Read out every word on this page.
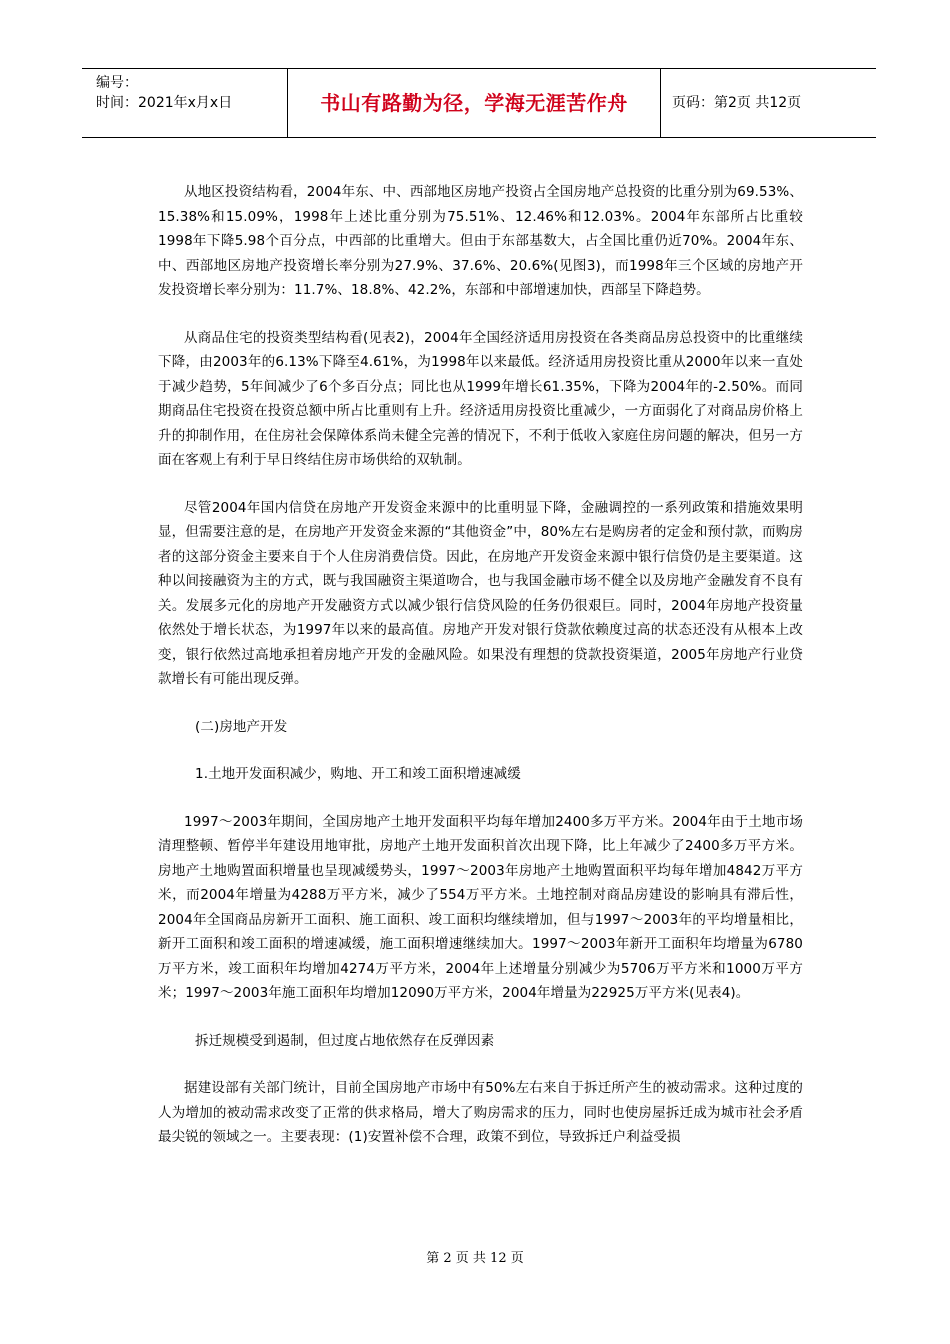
编号：
时间：2021年x月x日	书山有路勤为径，学海无涯苦作舟	页码：第2页 共12页

从地区投资结构看，2004年东、中、西部地区房地产投资占全国房地产总投资的比重分别为69.53%、15.38%和15.09%，1998年上述比重分别为75.51%、12.46%和12.03%。2004年东部所占比重较1998年下降5.98个百分点，中西部的比重增大。但由于东部基数大，占全国比重仍近70%。2004年东、中、西部地区房地产投资增长率分别为27.9%、37.6%、20.6%(见图3)，而1998年三个区域的房地产开发投资增长率分别为：11.7%、18.8%、42.2%，东部和中部增速加快，西部呈下降趋势。

从商品住宅的投资类型结构看(见表2)，2004年全国经济适用房投资在各类商品房总投资中的比重继续下降，由2003年的6.13%下降至4.61%，为1998年以来最低。经济适用房投资比重从2000年以来一直处于减少趋势，5年间减少了6个多百分点；同比也从1999年增长61.35%，下降为2004年的-2.50%。而同期商品住宅投资在投资总额中所占比重则有上升。经济适用房投资比重减少，一方面弱化了对商品房价格上升的抑制作用，在住房社会保障体系尚未健全完善的情况下，不利于低收入家庭住房问题的解决，但另一方面在客观上有利于早日终结住房市场供给的双轨制。

尽管2004年国内信贷在房地产开发资金来源中的比重明显下降，金融调控的一系列政策和措施效果明显，但需要注意的是，在房地产开发资金来源的“其他资金”中，80%左右是购房者的定金和预付款，而购房者的这部分资金主要来自于个人住房消费信贷。因此，在房地产开发资金来源中银行信贷仍是主要渠道。这种以间接融资为主的方式，既与我国融资主渠道吻合，也与我国金融市场不健全以及房地产金融发育不良有关。发展多元化的房地产开发融资方式以减少银行信贷风险的任务仍很艰巨。同时，2004年房地产投资量依然处于增长状态，为1997年以来的最高值。房地产开发对银行贷款依赖度过高的状态还没有从根本上改变，银行依然过高地承担着房地产开发的金融风险。如果没有理想的贷款投资渠道，2005年房地产行业贷款增长有可能出现反弹。

(二)房地产开发

1.土地开发面积减少，购地、开工和竣工面积增速减缓

1997～2003年期间，全国房地产土地开发面积平均每年增加2400多万平方米。2004年由于土地市场清理整顿、暂停半年建设用地审批，房地产土地开发面积首次出现下降，比上年减少了2400多万平方米。房地产土地购置面积增量也呈现减缓势头，1997～2003年房地产土地购置面积平均每年增加4842万平方米，而2004年增量为4288万平方米，减少了554万平方米。土地控制对商品房建设的影响具有滞后性，2004年全国商品房新开工面积、施工面积、竣工面积均继续增加，但与1997～2003年的平均增量相比，新开工面积和竣工面积的增速减缓，施工面积增速继续加大。1997～2003年新开工面积年均增量为6780万平方米，竣工面积年均增加4274万平方米，2004年上述增量分别减少为5706万平方米和1000万平方米；1997～2003年施工面积年均增加12090万平方米，2004年增量为22925万平方米(见表4)。

拆迁规模受到遏制，但过度占地依然存在反弹因素

据建设部有关部门统计，目前全国房地产市场中有50%左右来自于拆迁所产生的被动需求。这种过度的人为增加的被动需求改变了正常的供求格局，增大了购房需求的压力，同时也使房屋拆迁成为城市社会矛盾最尖锐的领域之一。主要表现：(1)安置补偿不合理，政策不到位，导致拆迁户利益受损

第 2 页 共 12 页
